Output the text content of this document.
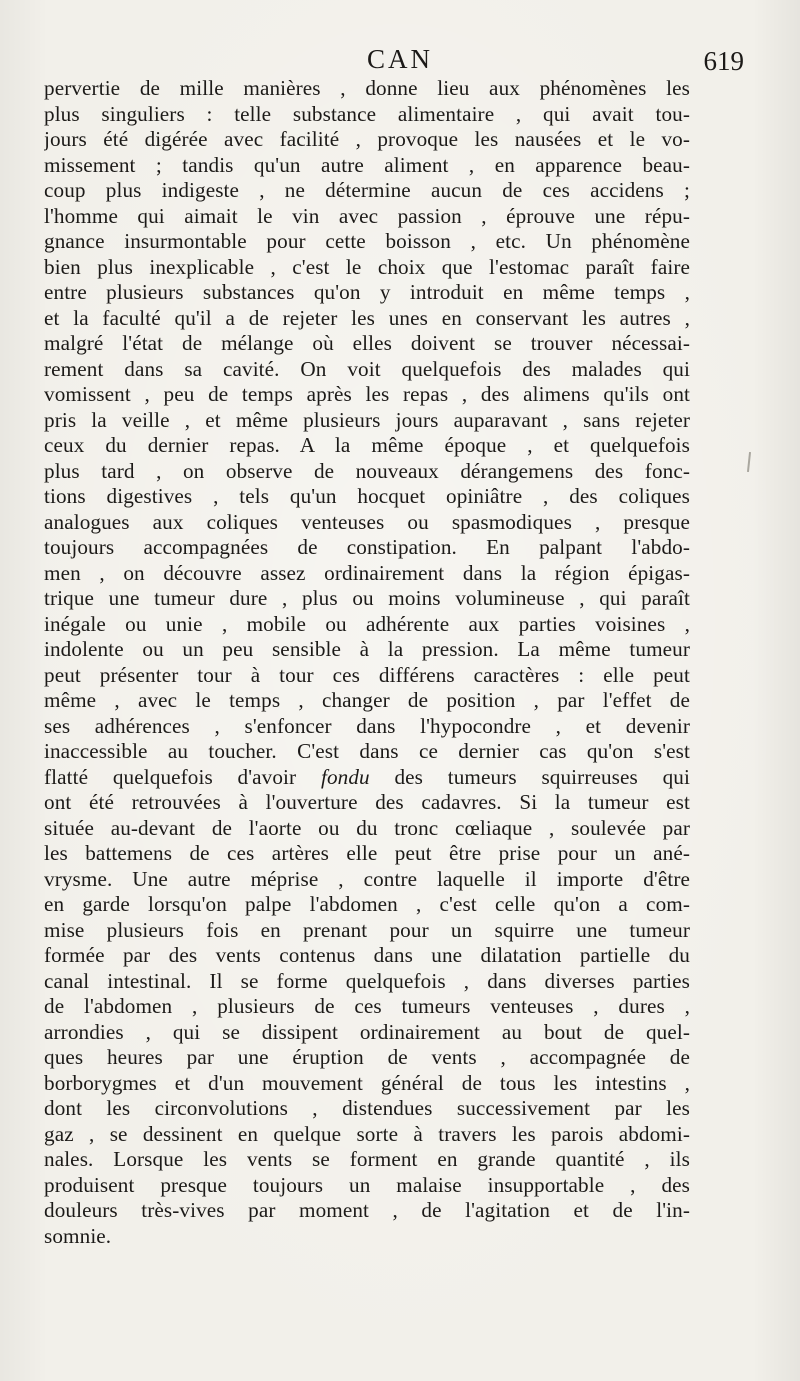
CAN	619
pervertie de mille manières , donne lieu aux phénomènes les
plus singuliers : telle substance alimentaire , qui avait tou-
jours été digérée avec facilité , provoque les nausées et le vo-
missement ; tandis qu'un autre aliment , en apparence beau-
coup plus indigeste , ne détermine aucun de ces accidens ;
l'homme qui aimait le vin avec passion , éprouve une répu-
gnance insurmontable pour cette boisson , etc. Un phénomène
bien plus inexplicable , c'est le choix que l'estomac paraît faire
entre plusieurs substances qu'on y introduit en même temps ,
et la faculté qu'il a de rejeter les unes en conservant les autres ,
malgré l'état de mélange où elles doivent se trouver nécessai-
rement dans sa cavité. On voit quelquefois des malades qui
vomissent , peu de temps après les repas , des alimens qu'ils ont
pris la veille , et même plusieurs jours auparavant , sans rejeter
ceux du dernier repas. A la même époque , et quelquefois
plus tard , on observe de nouveaux dérangemens des fonc-
tions digestives , tels qu'un hocquet opiniâtre , des coliques
analogues aux coliques venteuses ou spasmodiques , presque
toujours accompagnées de constipation. En palpant l'abdo-
men , on découvre assez ordinairement dans la région épigas-
trique une tumeur dure , plus ou moins volumineuse , qui paraît
inégale ou unie , mobile ou adhérente aux parties voisines ,
indolente ou un peu sensible à la pression. La même tumeur
peut présenter tour à tour ces différens caractères : elle peut
même , avec le temps , changer de position , par l'effet de
ses adhérences , s'enfoncer dans l'hypocondre , et devenir
inaccessible au toucher. C'est dans ce dernier cas qu'on s'est
flatté quelquefois d'avoir fondu des tumeurs squirreuses qui
ont été retrouvées à l'ouverture des cadavres. Si la tumeur est
située au-devant de l'aorte ou du tronc cœliaque , soulevée par
les battemens de ces artères elle peut être prise pour un ané-
vrysme. Une autre méprise , contre laquelle il importe d'être
en garde lorsqu'on palpe l'abdomen , c'est celle qu'on a com-
mise plusieurs fois en prenant pour un squirre une tumeur
formée par des vents contenus dans une dilatation partielle du
canal intestinal. Il se forme quelquefois , dans diverses parties
de l'abdomen , plusieurs de ces tumeurs venteuses , dures ,
arrondies , qui se dissipent ordinairement au bout de quel-
ques heures par une éruption de vents , accompagnée de
borborygmes et d'un mouvement général de tous les intestins ,
dont les circonvolutions , distendues successivement par les
gaz , se dessinent en quelque sorte à travers les parois abdomi-
nales. Lorsque les vents se forment en grande quantité , ils
produisent presque toujours un malaise insupportable , des
douleurs très-vives par moment , de l'agitation et de l'in-
somnie.
